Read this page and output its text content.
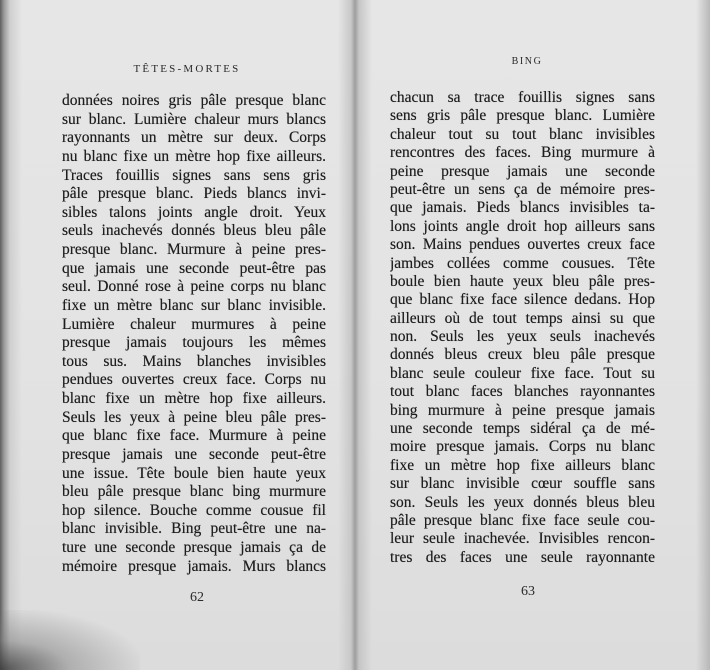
TÊTES-MORTES
données noires gris pâle presque blanc
sur blanc. Lumière chaleur murs blancs
rayonnants un mètre sur deux. Corps
nu blanc fixe un mètre hop fixe ailleurs.
Traces fouillis signes sans sens gris
pâle presque blanc. Pieds blancs invi-
sibles talons joints angle droit. Yeux
seuls inachevés donnés bleus bleu pâle
presque blanc. Murmure à peine pres-
que jamais une seconde peut-être pas
seul. Donné rose à peine corps nu blanc
fixe un mètre blanc sur blanc invisible.
Lumière chaleur murmures à peine
presque jamais toujours les mêmes
tous sus. Mains blanches invisibles
pendues ouvertes creux face. Corps nu
blanc fixe un mètre hop fixe ailleurs.
Seuls les yeux à peine bleu pâle pres-
que blanc fixe face. Murmure à peine
presque jamais une seconde peut-être
une issue. Tête boule bien haute yeux
bleu pâle presque blanc bing murmure
hop silence. Bouche comme cousue fil
blanc invisible. Bing peut-être une na-
ture une seconde presque jamais ça de
mémoire presque jamais. Murs blancs
62
BING
chacun sa trace fouillis signes sans
sens gris pâle presque blanc. Lumière
chaleur tout su tout blanc invisibles
rencontres des faces. Bing murmure à
peine presque jamais une seconde
peut-être un sens ça de mémoire pres-
que jamais. Pieds blancs invisibles ta-
lons joints angle droit hop ailleurs sans
son. Mains pendues ouvertes creux face
jambes collées comme cousues. Tête
boule bien haute yeux bleu pâle pres-
que blanc fixe face silence dedans. Hop
ailleurs où de tout temps ainsi su que
non. Seuls les yeux seuls inachevés
donnés bleus creux bleu pâle presque
blanc seule couleur fixe face. Tout su
tout blanc faces blanches rayonnantes
bing murmure à peine presque jamais
une seconde temps sidéral ça de mé-
moire presque jamais. Corps nu blanc
fixe un mètre hop fixe ailleurs blanc
sur blanc invisible cœur souffle sans
son. Seuls les yeux donnés bleus bleu
pâle presque blanc fixe face seule cou-
leur seule inachevée. Invisibles rencon-
tres des faces une seule rayonnante
63
